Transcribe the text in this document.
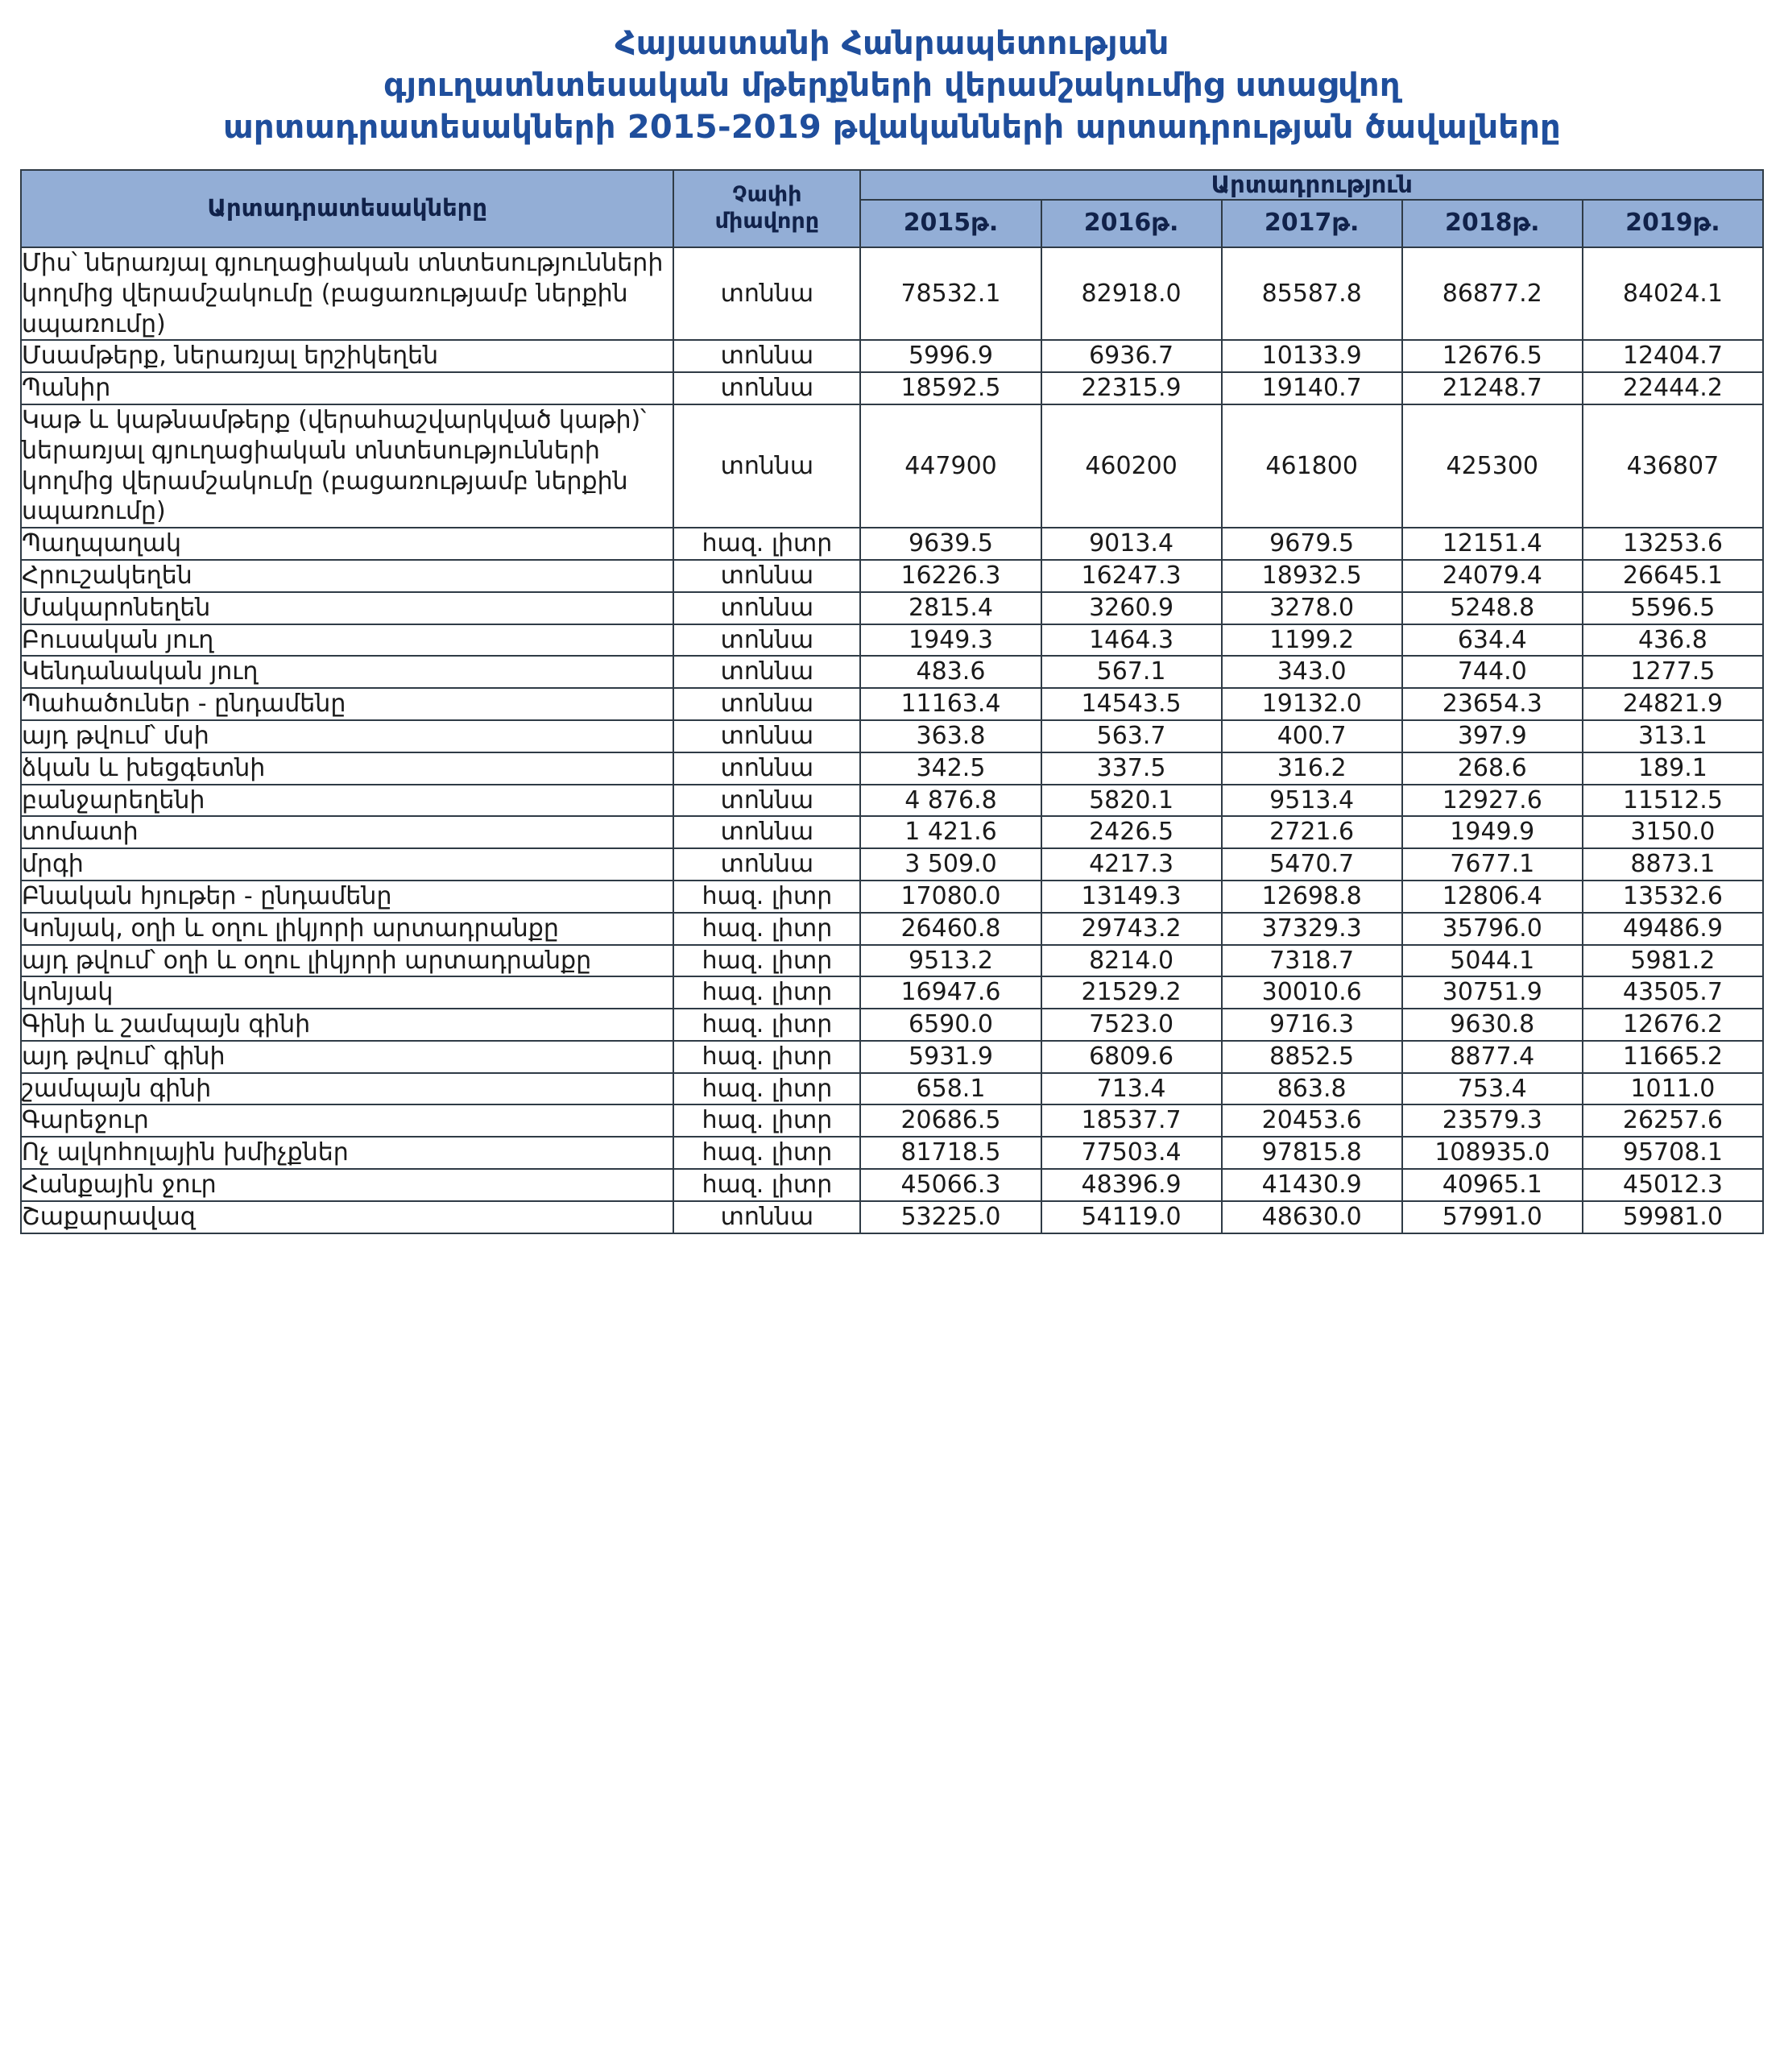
Հայաստանի Հանրապետության
գյուղատնտեսական մթերքների վերամշակումից ստացվող
արտադրատեսակների 2015-2019 թվականների արտադրության ծավալները
Արտադրատեսակները	Չափի
միավորը	Արտադրություն				
		2015թ.	2016թ.	2017թ.	2018թ.	2019թ.
Միս՝ ներառյալ գյուղացիական տնտեսությունների կողմից վերամշակումը (բացառությամբ ներքին սպառումը)	տոննա	78532.1	82918.0	85587.8	86877.2	84024.1
Մսամթերք, ներառյալ երշիկեղեն	տոննա	5996.9	6936.7	10133.9	12676.5	12404.7
Պանիր	տոննա	18592.5	22315.9	19140.7	21248.7	22444.2
Կաթ և կաթնամթերք (վերահաշվարկված կաթի)՝ ներառյալ գյուղացիական տնտեսությունների կողմից վերամշակումը (բացառությամբ ներքին սպառումը)	տոննա	447900	460200	461800	425300	436807
Պաղպաղակ	հազ. լիտր	9639.5	9013.4	9679.5	12151.4	13253.6
Հրուշակեղեն	տոննա	16226.3	16247.3	18932.5	24079.4	26645.1
Մակարոնեղեն	տոննա	2815.4	3260.9	3278.0	5248.8	5596.5
Բուսական յուղ	տոննա	1949.3	1464.3	1199.2	634.4	436.8
Կենդանական յուղ	տոննա	483.6	567.1	343.0	744.0	1277.5
Պահածուներ - ընդամենը	տոննա	11163.4	14543.5	19132.0	23654.3	24821.9
այդ թվում՝ մսի	տոննա	363.8	563.7	400.7	397.9	313.1
ձկան և խեցգետնի	տոննա	342.5	337.5	316.2	268.6	189.1
բանջարեղենի	տոննա	4 876.8	5820.1	9513.4	12927.6	11512.5
տոմատի	տոննա	1 421.6	2426.5	2721.6	1949.9	3150.0
մրգի	տոննա	3 509.0	4217.3	5470.7	7677.1	8873.1
Բնական հյութեր - ընդամենը	հազ. լիտր	17080.0	13149.3	12698.8	12806.4	13532.6
Կոնյակ, օղի և օղու լիկյորի արտադրանքը	հազ. լիտր	26460.8	29743.2	37329.3	35796.0	49486.9
այդ թվում՝ օղի և օղու լիկյորի արտադրանքը	հազ. լիտր	9513.2	8214.0	7318.7	5044.1	5981.2
կոնյակ	հազ. լիտր	16947.6	21529.2	30010.6	30751.9	43505.7
Գինի և շամպայն գինի	հազ. լիտր	6590.0	7523.0	9716.3	9630.8	12676.2
այդ թվում՝ գինի	հազ. լիտր	5931.9	6809.6	8852.5	8877.4	11665.2
շամպայն գինի	հազ. լիտր	658.1	713.4	863.8	753.4	1011.0
Գարեջուր	հազ. լիտր	20686.5	18537.7	20453.6	23579.3	26257.6
Ոչ ալկոհոլային խմիչքներ	հազ. լիտր	81718.5	77503.4	97815.8	108935.0	95708.1
Հանքային ջուր	հազ. լիտր	45066.3	48396.9	41430.9	40965.1	45012.3
Շաքարավազ	տոննա	53225.0	54119.0	48630.0	57991.0	59981.0
